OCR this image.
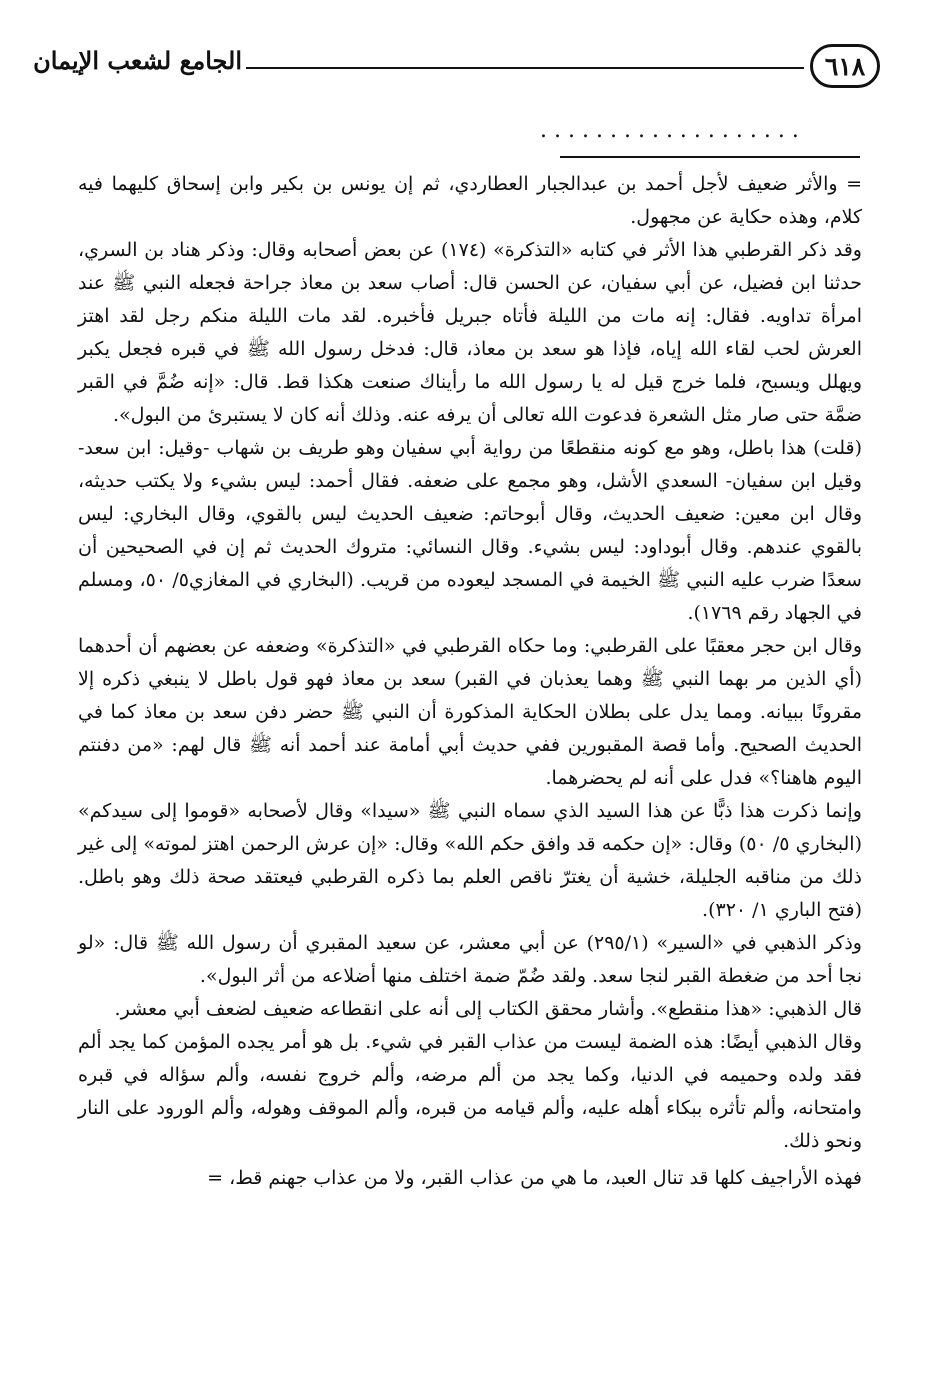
٦١٨
الجامع لشعب الإيمان
...................

= والأثر ضعيف لأجل أحمد بن عبدالجبار العطاردي، ثم إن يونس بن بكير وابن إسحاق كليهما فيه كلام، وهذه حكاية عن مجهول.

وقد ذكر القرطبي هذا الأثر في كتابه «التذكرة» (١٧٤) عن بعض أصحابه وقال: وذكر هناد بن السري، حدثنا ابن فضيل، عن أبي سفيان، عن الحسن قال: أصاب سعد بن معاذ جراحة فجعله النبي ﷺ عند امرأة تداويه. فقال: إنه مات من الليلة فأتاه جبريل فأخبره. لقد مات الليلة منكم رجل لقد اهتز العرش لحب لقاء الله إياه، فإذا هو سعد بن معاذ، قال: فدخل رسول الله ﷺ في قبره فجعل يكبر ويهلل ويسبح، فلما خرج قيل له يا رسول الله ما رأيناك صنعت هكذا قط. قال: «إنه ضُمَّ في القبر ضمَّة حتى صار مثل الشعرة فدعوت الله تعالى أن يرفه عنه. وذلك أنه كان لا يستبرئ من البول».

(قلت) هذا باطل، وهو مع كونه منقطعًا من رواية أبي سفيان وهو طريف بن شهاب -وقيل: ابن سعد- وقيل ابن سفيان- السعدي الأشل، وهو مجمع على ضعفه. فقال أحمد: ليس بشيء ولا يكتب حديثه، وقال ابن معين: ضعيف الحديث، وقال أبوحاتم: ضعيف الحديث ليس بالقوي، وقال البخاري: ليس بالقوي عندهم. وقال أبوداود: ليس بشيء. وقال النسائي: متروك الحديث ثم إن في الصحيحين أن سعدًا ضرب عليه النبي ﷺ الخيمة في المسجد ليعوده من قريب. (البخاري في المغازي٥/ ٥٠، ومسلم في الجهاد رقم ١٧٦٩).

وقال ابن حجر معقبًا على القرطبي: وما حكاه القرطبي في «التذكرة» وضعفه عن بعضهم أن أحدهما (أي الذين مر بهما النبي ﷺ وهما يعذبان في القبر) سعد بن معاذ فهو قول باطل لا ينبغي ذكره إلا مقرونًا ببيانه. ومما يدل على بطلان الحكاية المذكورة أن النبي ﷺ حضر دفن سعد بن معاذ كما في الحديث الصحيح. وأما قصة المقبورين ففي حديث أبي أمامة عند أحمد أنه ﷺ قال لهم: «من دفنتم اليوم هاهنا؟» فدل على أنه لم يحضرهما.

وإنما ذكرت هذا ذبًّا عن هذا السيد الذي سماه النبي ﷺ «سيدا» وقال لأصحابه «قوموا إلى سيدكم» (البخاري ٥/ ٥٠) وقال: «إن حكمه قد وافق حكم الله» وقال: «إن عرش الرحمن اهتز لموته» إلى غير ذلك من مناقبه الجليلة، خشية أن يغترّ ناقص العلم بما ذكره القرطبي فيعتقد صحة ذلك وهو باطل. (فتح الباري ١/ ٣٢٠).

وذكر الذهبي في «السير» (٢٩٥/١) عن أبي معشر، عن سعيد المقبري أن رسول الله ﷺ قال: «لو نجا أحد من ضغطة القبر لنجا سعد. ولقد ضُمّ ضمة اختلف منها أضلاعه من أثر البول».

قال الذهبي: «هذا منقطع». وأشار محقق الكتاب إلى أنه على انقطاعه ضعيف لضعف أبي معشر.

وقال الذهبي أيضًا: هذه الضمة ليست من عذاب القبر في شيء. بل هو أمر يجده المؤمن كما يجد ألم فقد ولده وحميمه في الدنيا، وكما يجد من ألم مرضه، وألم خروج نفسه، وألم سؤاله في قبره وامتحانه، وألم تأثره ببكاء أهله عليه، وألم قيامه من قبره، وألم الموقف وهوله، وألم الورود على النار ونحو ذلك.

فهذه الأراجيف كلها قد تنال العبد، ما هي من عذاب القبر، ولا من عذاب جهنم قط، =
